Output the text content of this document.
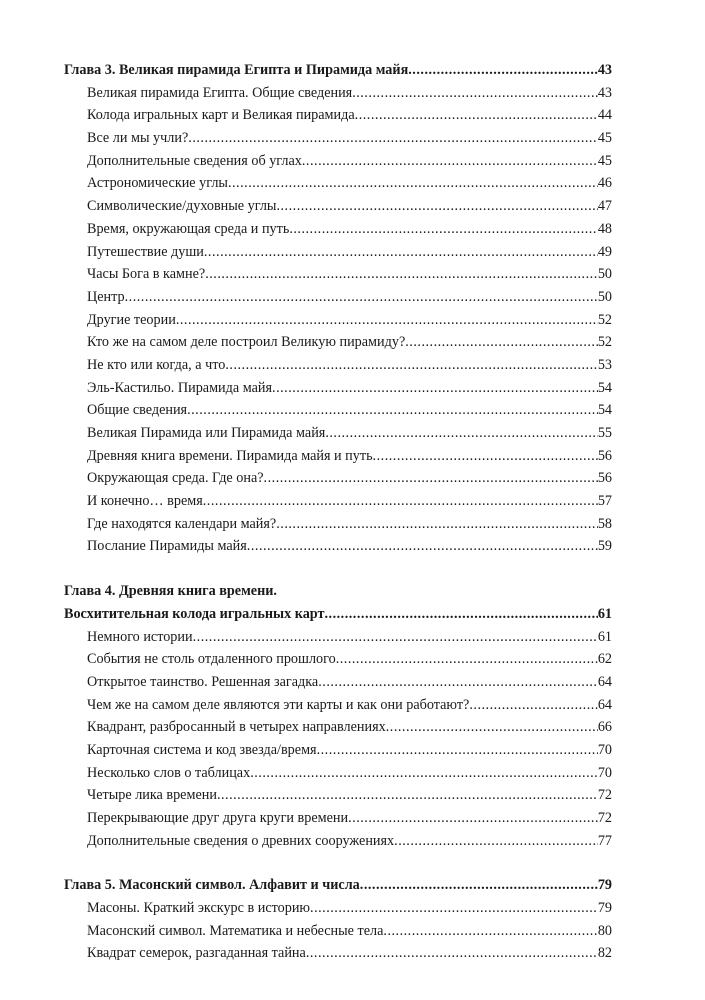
Глава 3. Великая пирамида Египта и Пирамида майя .....	43
Великая пирамида Египта. Общие сведения .....	43
Колода игральных карт и Великая пирамида .....	44
Все ли мы учли? .....	45
Дополнительные сведения об углах .....	45
Астрономические углы .....	46
Символические/духовные углы .....	47
Время, окружающая среда и путь .....	48
Путешествие души .....	49
Часы Бога в камне? .....	50
Центр .....	50
Другие теории .....	52
Кто же на самом деле построил Великую пирамиду? .....	52
Не кто или когда, а что .....	53
Эль-Кастильо. Пирамида майя .....	54
Общие сведения .....	54
Великая Пирамида или Пирамида майя .....	55
Древняя книга времени. Пирамида майя и путь .....	56
Окружающая среда. Где она? .....	56
И конечно… время .....	57
Где находятся календари майя? .....	58
Послание Пирамиды майя .....	59
Глава 4. Древняя книга времени.
Восхитительная колода игральных карт .....	61
Немного истории .....	61
События не столь отдаленного прошлого .....	62
Открытое таинство. Решенная загадка .....	64
Чем же на самом деле являются эти карты и как они работают? .....	64
Квадрант, разбросанный в четырех направлениях .....	66
Карточная система и код звезда/время .....	70
Несколько слов о таблицах .....	70
Четыре лика времени .....	72
Перекрывающие друг друга круги времени .....	72
Дополнительные сведения о древних сооружениях .....	77
Глава 5. Масонский символ. Алфавит и числа .....	79
Масоны. Краткий экскурс в историю .....	79
Масонский символ. Математика и небесные тела .....	80
Квадрат семерок, разгаданная тайна .....	82
